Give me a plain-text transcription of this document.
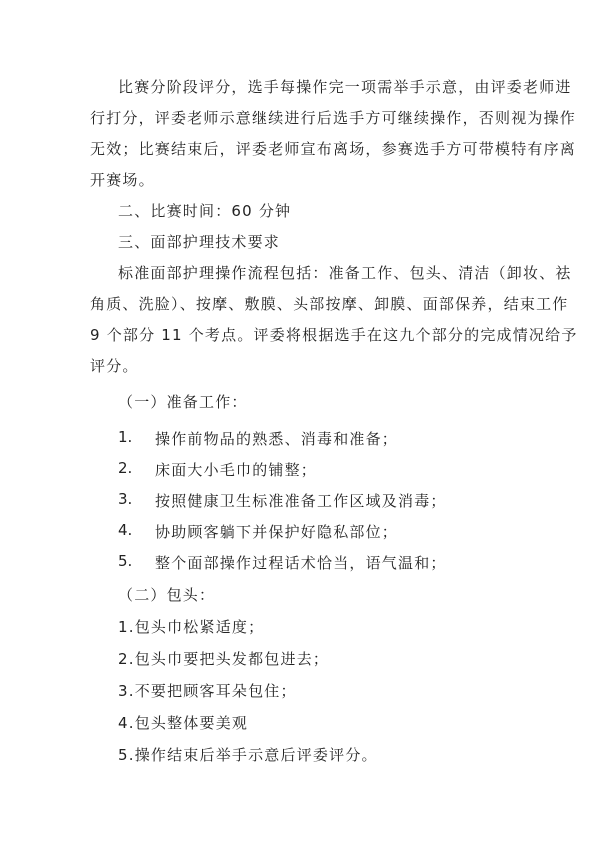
比赛分阶段评分，选手每操作完一项需举手示意，由评委老师进

行打分，评委老师示意继续进行后选手方可继续操作，否则视为操作

无效；比赛结束后，评委老师宣布离场，参赛选手方可带模特有序离

开赛场。

二、比赛时间：60 分钟

三、面部护理技术要求

标准面部护理操作流程包括：准备工作、包头、清洁（卸妆、祛

角质、洗脸）、按摩、敷膜、头部按摩、卸膜、面部保养，结束工作

9 个部分 11 个考点。评委将根据选手在这九个部分的完成情况给予

评分。

（一）准备工作：

1. 操作前物品的熟悉、消毒和准备；
2. 床面大小毛巾的铺整；
3. 按照健康卫生标准准备工作区域及消毒；
4. 协助顾客躺下并保护好隐私部位；
5. 整个面部操作过程话术恰当，语气温和；

（二）包头：

1.包头巾松紧适度；

2.包头巾要把头发都包进去；

3.不要把顾客耳朵包住；

4.包头整体要美观

5.操作结束后举手示意后评委评分。
